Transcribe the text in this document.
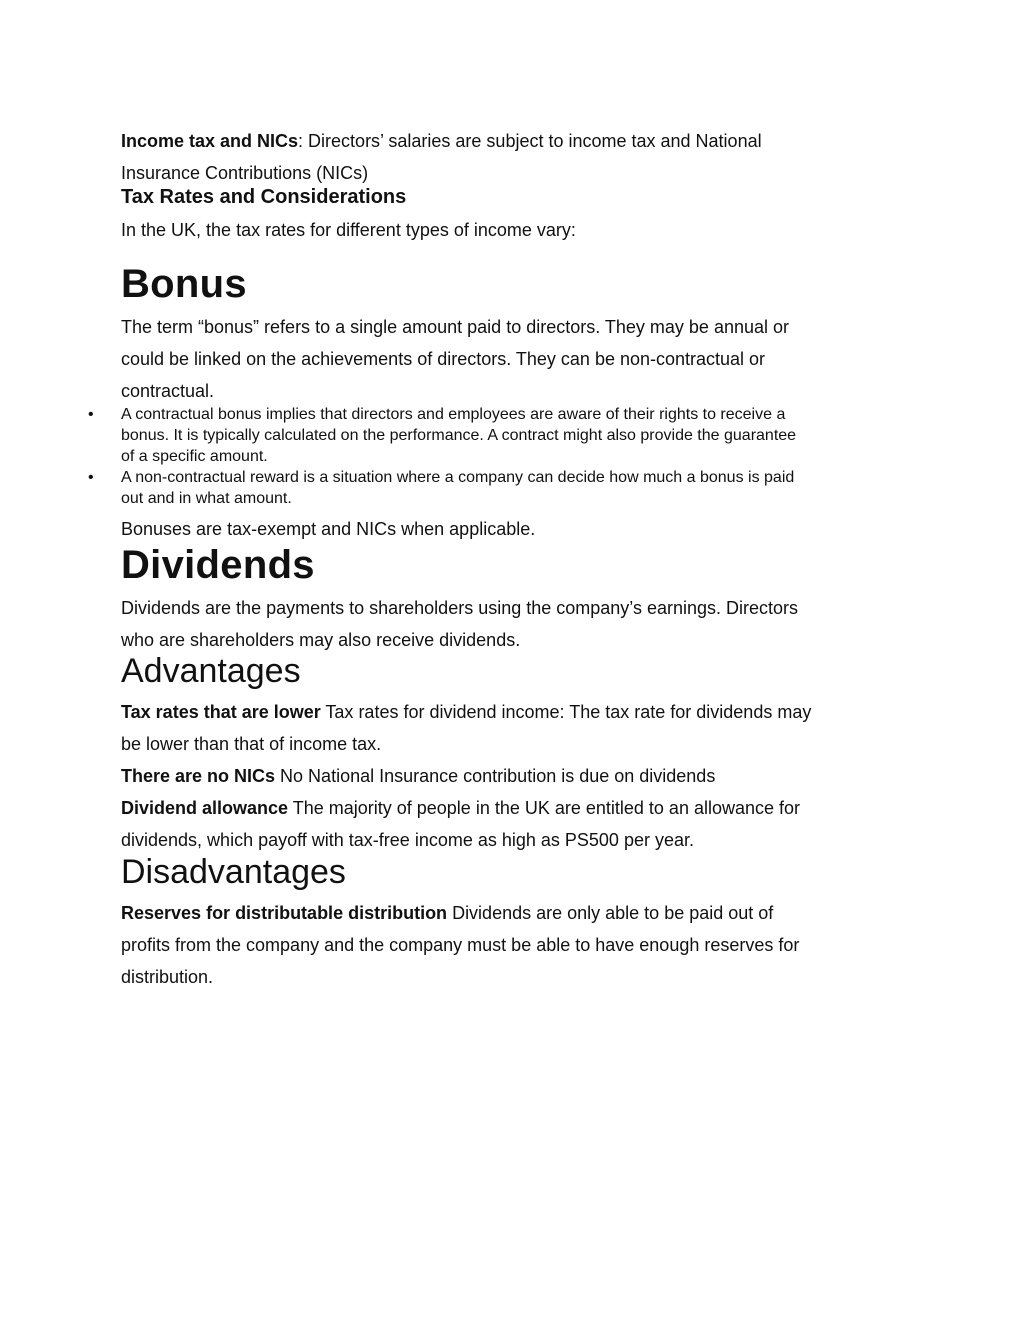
Income tax and NICs: Directors’ salaries are subject to income tax and National
Insurance Contributions (NICs)
Tax Rates and Considerations
In the UK, the tax rates for different types of income vary:
Bonus
The term “bonus” refers to a single amount paid to directors. They may be annual or
could be linked on the achievements of directors. They can be non-contractual or
contractual.
• A contractual bonus implies that directors and employees are aware of their rights to receive a
bonus. It is typically calculated on the performance. A contract might also provide the guarantee
of a specific amount.
• A non-contractual reward is a situation where a company can decide how much a bonus is paid
out and in what amount.
Bonuses are tax-exempt and NICs when applicable.
Dividends
Dividends are the payments to shareholders using the company’s earnings. Directors
who are shareholders may also receive dividends.
Advantages
Tax rates that are lower Tax rates for dividend income: The tax rate for dividends may
be lower than that of income tax.
There are no NICs No National Insurance contribution is due on dividends
Dividend allowance The majority of people in the UK are entitled to an allowance for
dividends, which payoff with tax-free income as high as PS500 per year.
Disadvantages
Reserves for distributable distribution Dividends are only able to be paid out of
profits from the company and the company must be able to have enough reserves for
distribution.
